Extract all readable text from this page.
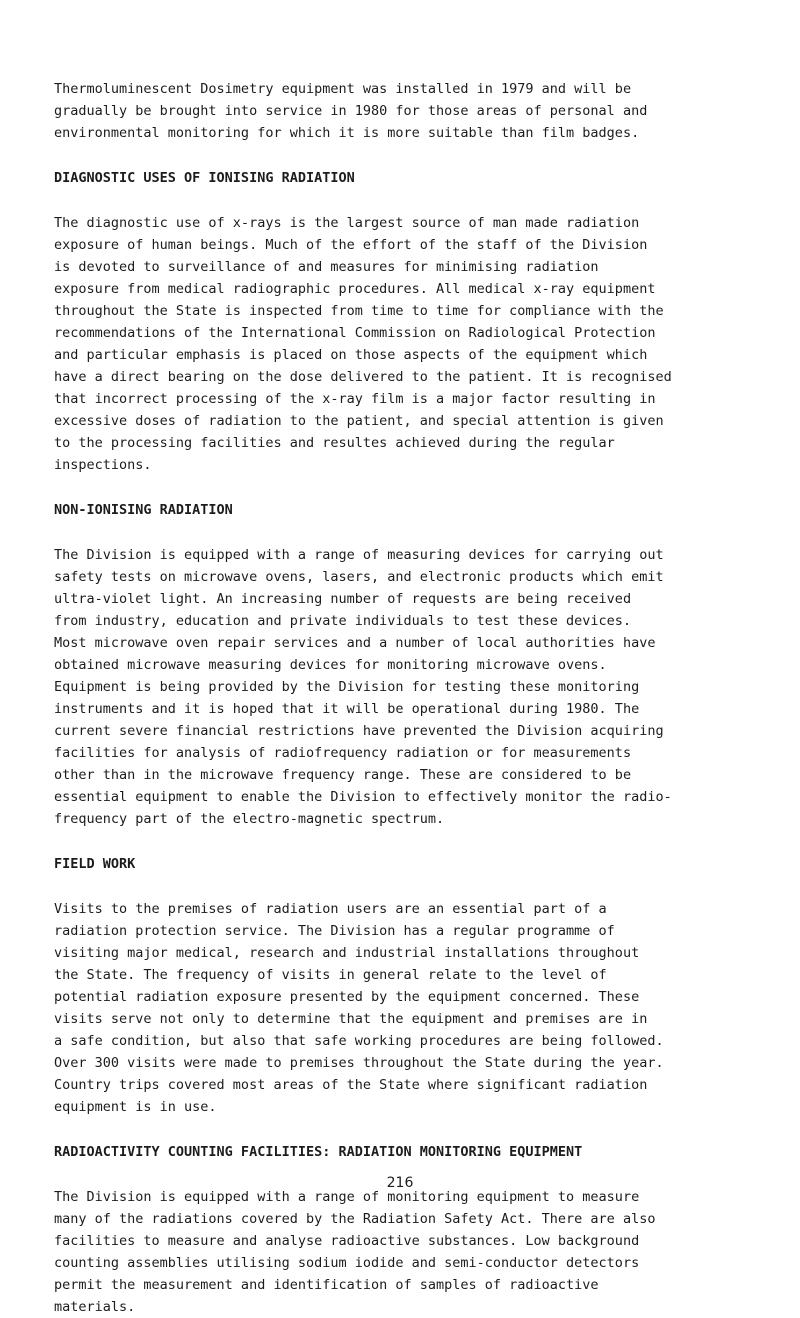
Thermoluminescent Dosimetry equipment was installed in 1979 and will be

gradually be brought into service in 1980 for those areas of personal and

environmental monitoring for which it is more suitable than film badges.

DIAGNOSTIC USES OF IONISING RADIATION

The diagnostic use of x-rays is the largest source of man made radiation

exposure of human beings. Much of the effort of the staff of the Division

is devoted to surveillance of and measures for minimising radiation

exposure from medical radiographic procedures. All medical x-ray equipment

throughout the State is inspected from time to time for compliance with the

recommendations of the International Commission on Radiological Protection

and particular emphasis is placed on those aspects of the equipment which

have a direct bearing on the dose delivered to the patient. It is recognised

that incorrect processing of the x-ray film is a major factor resulting in

excessive doses of radiation to the patient, and special attention is given

to the processing facilities and resultes achieved during the regular

inspections.

NON-IONISING RADIATION

The Division is equipped with a range of measuring devices for carrying out

safety tests on microwave ovens, lasers, and electronic products which emit

ultra-violet light. An increasing number of requests are being received

from industry, education and private individuals to test these devices.

Most microwave oven repair services and a number of local authorities have

obtained microwave measuring devices for monitoring microwave ovens.

Equipment is being provided by the Division for testing these monitoring

instruments and it is hoped that it will be operational during 1980. The

current severe financial restrictions have prevented the Division acquiring

facilities for analysis of radiofrequency radiation or for measurements

other than in the microwave frequency range. These are considered to be

essential equipment to enable the Division to effectively monitor the radio-

frequency part of the electro-magnetic spectrum.

FIELD WORK

Visits to the premises of radiation users are an essential part of a

radiation protection service. The Division has a regular programme of

visiting major medical, research and industrial installations throughout

the State. The frequency of visits in general relate to the level of

potential radiation exposure presented by the equipment concerned. These

visits serve not only to determine that the equipment and premises are in

a safe condition, but also that safe working procedures are being followed.

Over 300 visits were made to premises throughout the State during the year.

Country trips covered most areas of the State where significant radiation

equipment is in use.

RADIOACTIVITY COUNTING FACILITIES: RADIATION MONITORING EQUIPMENT

The Division is equipped with a range of monitoring equipment to measure

many of the radiations covered by the Radiation Safety Act. There are also

facilities to measure and analyse radioactive substances. Low background

counting assemblies utilising sodium iodide and semi-conductor detectors

permit the measurement and identification of samples of radioactive

materials.

216
